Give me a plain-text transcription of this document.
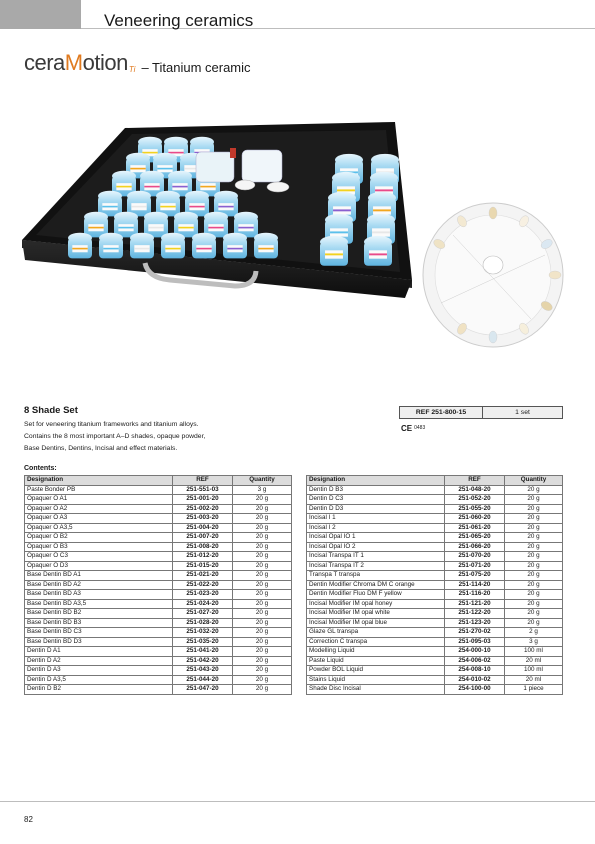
Veneering ceramics
ceraMotion Ti – Titanium ceramic
8 Shade Set
Set for veneering titanium frameworks and titanium alloys.
Contains the 8 most important A–D shades, opaque powder,
Base Dentins, Dentins, Incisal and effect materials.
REF 251-800-15	1 set
CE 0483
Contents:
Designation	REF	Quantity
Paste Bonder PB	251-551-03	3 g
Opaquer O A1	251-001-20	20 g
Opaquer O A2	251-002-20	20 g
Opaquer O A3	251-003-20	20 g
Opaquer O A3,5	251-004-20	20 g
Opaquer O B2	251-007-20	20 g
Opaquer O B3	251-008-20	20 g
Opaquer O C3	251-012-20	20 g
Opaquer O D3	251-015-20	20 g
Base Dentin BD A1	251-021-20	20 g
Base Dentin BD A2	251-022-20	20 g
Base Dentin BD A3	251-023-20	20 g
Base Dentin BD A3,5	251-024-20	20 g
Base Dentin BD B2	251-027-20	20 g
Base Dentin BD B3	251-028-20	20 g
Base Dentin BD C3	251-032-20	20 g
Base Dentin BD D3	251-035-20	20 g
Dentin D A1	251-041-20	20 g
Dentin D A2	251-042-20	20 g
Dentin D A3	251-043-20	20 g
Dentin D A3,5	251-044-20	20 g
Dentin D B2	251-047-20	20 g
Designation	REF	Quantity
Dentin D B3	251-048-20	20 g
Dentin D C3	251-052-20	20 g
Dentin D D3	251-055-20	20 g
Incisal I 1	251-060-20	20 g
Incisal I 2	251-061-20	20 g
Incisal Opal IO 1	251-065-20	20 g
Incisal Opal IO 2	251-066-20	20 g
Incisal Transpa IT 1	251-070-20	20 g
Incisal Transpa IT 2	251-071-20	20 g
Transpa T transpa	251-075-20	20 g
Dentin Modifier Chroma DM C orange	251-114-20	20 g
Dentin Modifier Fluo DM F yellow	251-116-20	20 g
Incisal Modifier IM opal honey	251-121-20	20 g
Incisal Modifier IM opal white	251-122-20	20 g
Incisal Modifier IM opal blue	251-123-20	20 g
Glaze GL transpa	251-270-02	2 g
Correction C transpa	251-095-03	3 g
Modelling Liquid	254-000-10	100 ml
Paste Liquid	254-006-02	20 ml
Powder BOL Liquid	254-008-10	100 ml
Stains Liquid	254-010-02	20 ml
Shade Disc Incisal	254-100-00	1 piece
82
